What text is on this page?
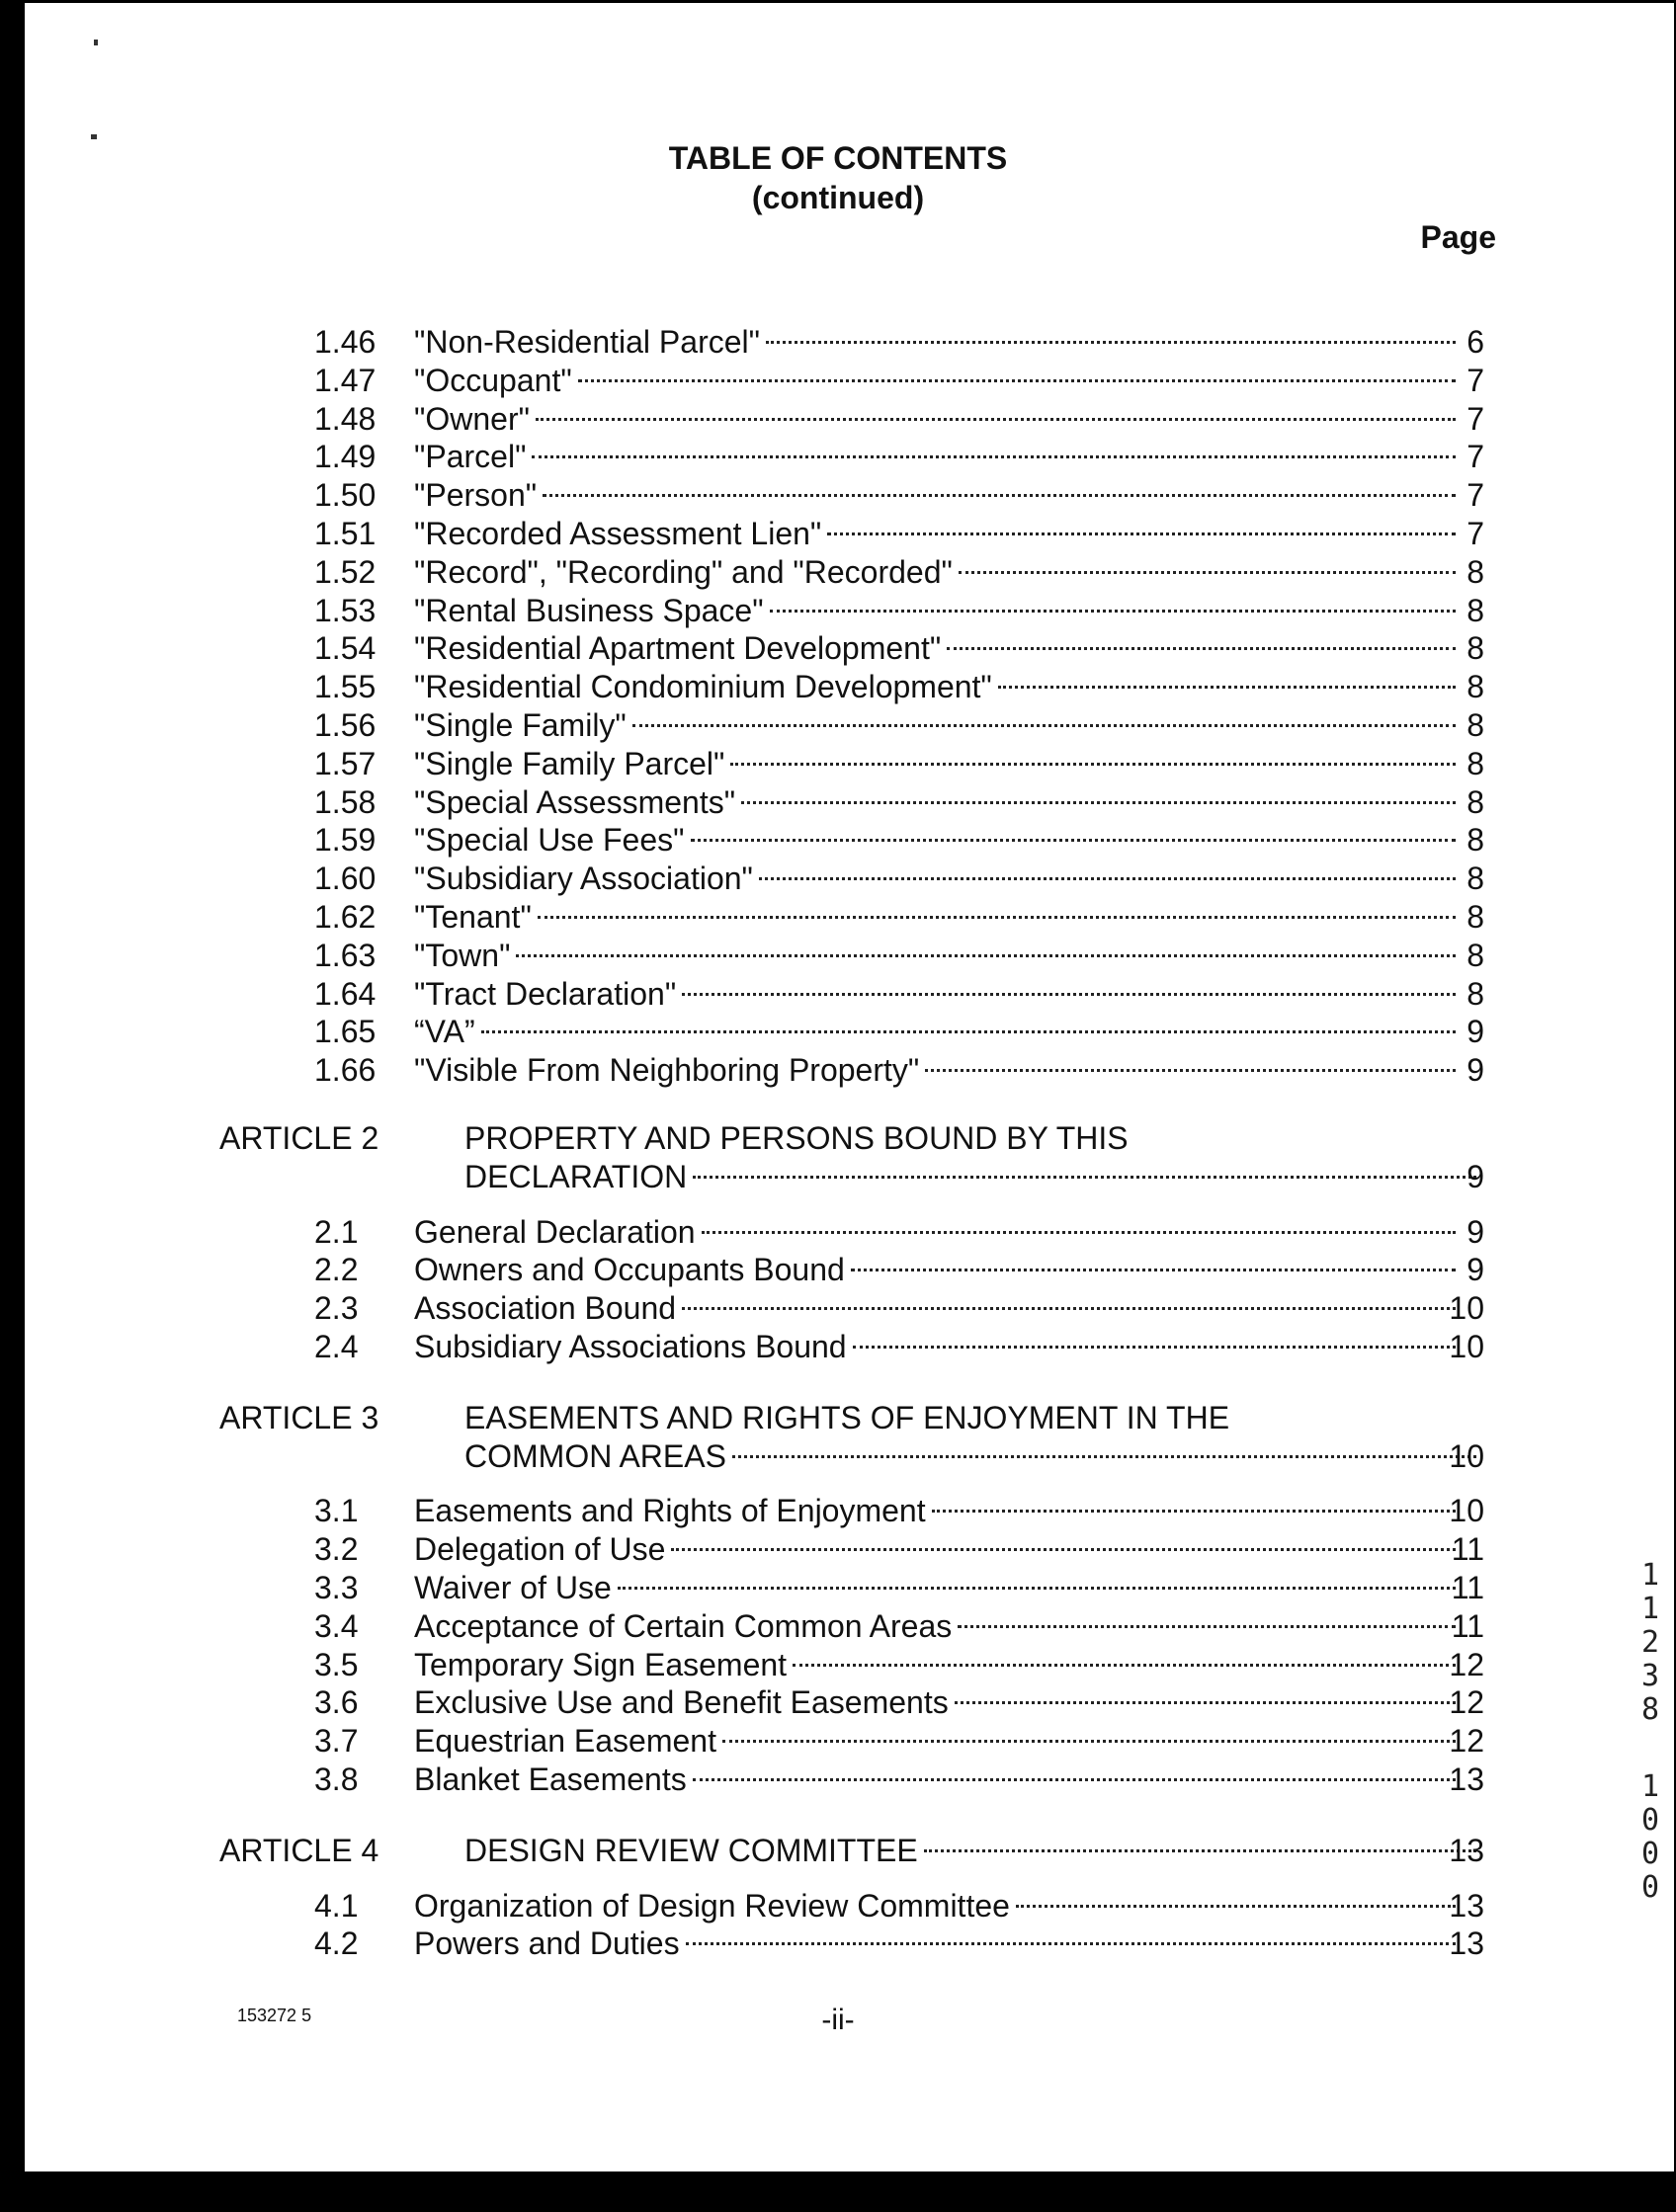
TABLE OF CONTENTS
(continued)
Page
1.46	"Non-Residential Parcel"	6
1.47	"Occupant"	7
1.48	"Owner"	7
1.49	"Parcel"	7
1.50	"Person"	7
1.51	"Recorded Assessment Lien"	7
1.52	"Record", "Recording" and "Recorded"	8
1.53	"Rental Business Space"	8
1.54	"Residential Apartment Development"	8
1.55	"Residential Condominium Development"	8
1.56	"Single Family"	8
1.57	"Single Family Parcel"	8
1.58	"Special Assessments"	8
1.59	"Special Use Fees"	8
1.60	"Subsidiary Association"	8
1.62	"Tenant"	8
1.63	"Town"	8
1.64	"Tract Declaration"	8
1.65	“VA”	9
1.66	"Visible From Neighboring Property"	9
ARTICLE 2	PROPERTY AND PERSONS BOUND BY THIS
DECLARATION	9
2.1	General Declaration	9
2.2	Owners and Occupants Bound	9
2.3	Association Bound	10
2.4	Subsidiary Associations Bound	10
ARTICLE 3	EASEMENTS AND RIGHTS OF ENJOYMENT IN THE
COMMON AREAS	10
3.1	Easements and Rights of Enjoyment	10
3.2	Delegation of Use	11
3.3	Waiver of Use	11
3.4	Acceptance of Certain Common Areas	11
3.5	Temporary Sign Easement	12
3.6	Exclusive Use and Benefit Easements	12
3.7	Equestrian Easement	12
3.8	Blanket Easements	13
ARTICLE 4	DESIGN REVIEW COMMITTEE	13
4.1	Organization of Design Review Committee	13
4.2	Powers and Duties	13
153272 5	-ii-
1
1
2
3
8
1
0
0
0
